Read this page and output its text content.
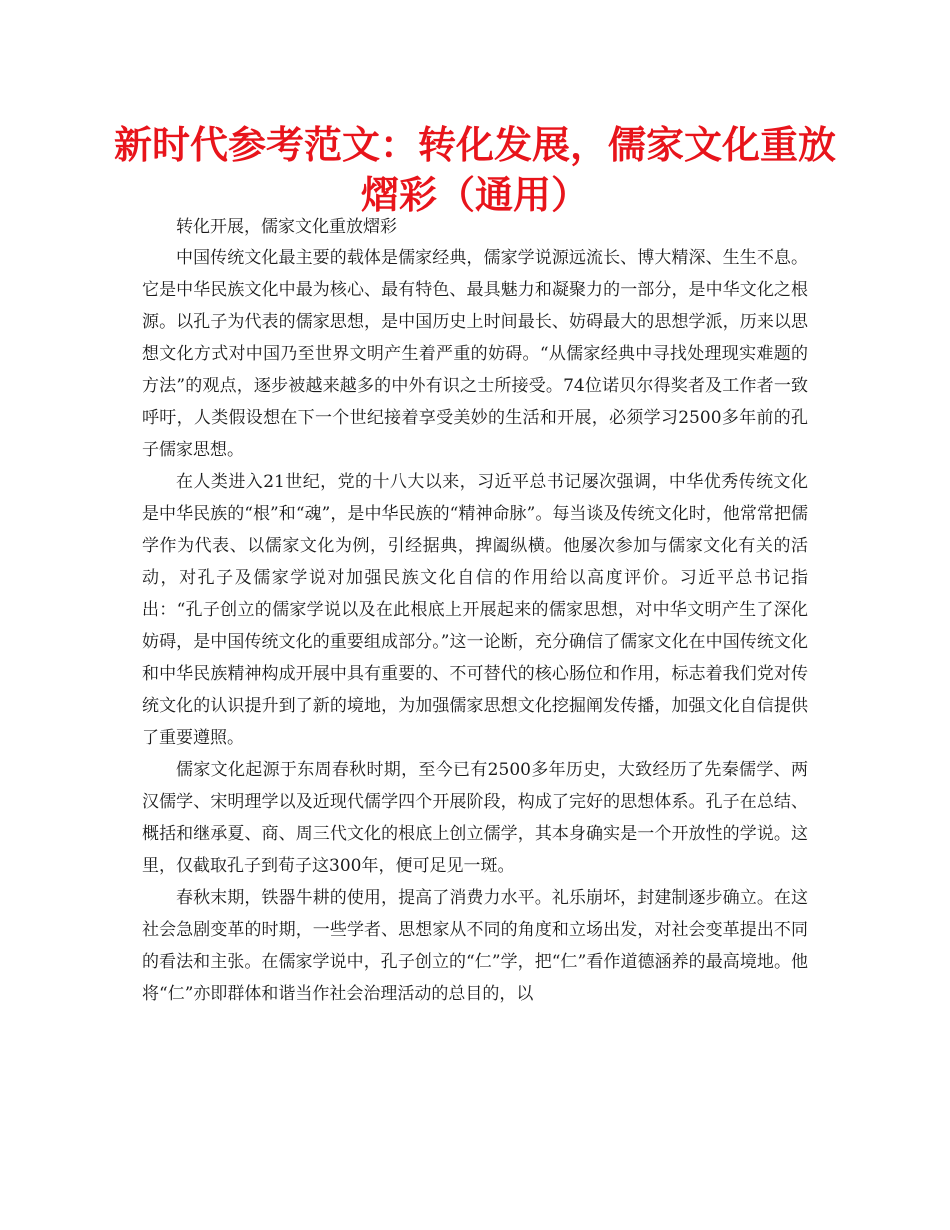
新时代参考范文：转化发展，儒家文化重放熠彩（通用）

转化开展，儒家文化重放熠彩

中国传统文化最主要的载体是儒家经典，儒家学说源远流长、博大精深、生生不息。它是中华民族文化中最为核心、最有特色、最具魅力和凝聚力的一部分，是中华文化之根源。以孔子为代表的儒家思想，是中国历史上时间最长、妨碍最大的思想学派，历来以思想文化方式对中国乃至世界文明产生着严重的妨碍。“从儒家经典中寻找处理现实难题的方法”的观点，逐步被越来越多的中外有识之士所接受。74位诺贝尔得奖者及工作者一致呼吁，人类假设想在下一个世纪接着享受美妙的生活和开展，必须学习2500多年前的孔子儒家思想。

在人类进入21世纪，党的十八大以来，习近平总书记屡次强调，中华优秀传统文化是中华民族的“根”和“魂”，是中华民族的“精神命脉”。每当谈及传统文化时，他常常把儒学作为代表、以儒家文化为例，引经据典，捭阖纵横。他屡次参加与儒家文化有关的活动，对孔子及儒家学说对加强民族文化自信的作用给以高度评价。习近平总书记指出：“孔子创立的儒家学说以及在此根底上开展起来的儒家思想，对中华文明产生了深化妨碍，是中国传统文化的重要组成部分。”这一论断，充分确信了儒家文化在中国传统文化和中华民族精神构成开展中具有重要的、不可替代的核心肠位和作用，标志着我们党对传统文化的认识提升到了新的境地，为加强儒家思想文化挖掘阐发传播，加强文化自信提供了重要遵照。

儒家文化起源于东周春秋时期，至今已有2500多年历史，大致经历了先秦儒学、两汉儒学、宋明理学以及近现代儒学四个开展阶段，构成了完好的思想体系。孔子在总结、概括和继承夏、商、周三代文化的根底上创立儒学，其本身确实是一个开放性的学说。这里，仅截取孔子到荀子这300年，便可足见一斑。

春秋末期，铁器牛耕的使用，提高了消费力水平。礼乐崩坏，封建制逐步确立。在这社会急剧变革的时期，一些学者、思想家从不同的角度和立场出发，对社会变革提出不同的看法和主张。在儒家学说中，孔子创立的“仁”学，把“仁”看作道德涵养的最高境地。他将“仁”亦即群体和谐当作社会治理活动的总目的，以
